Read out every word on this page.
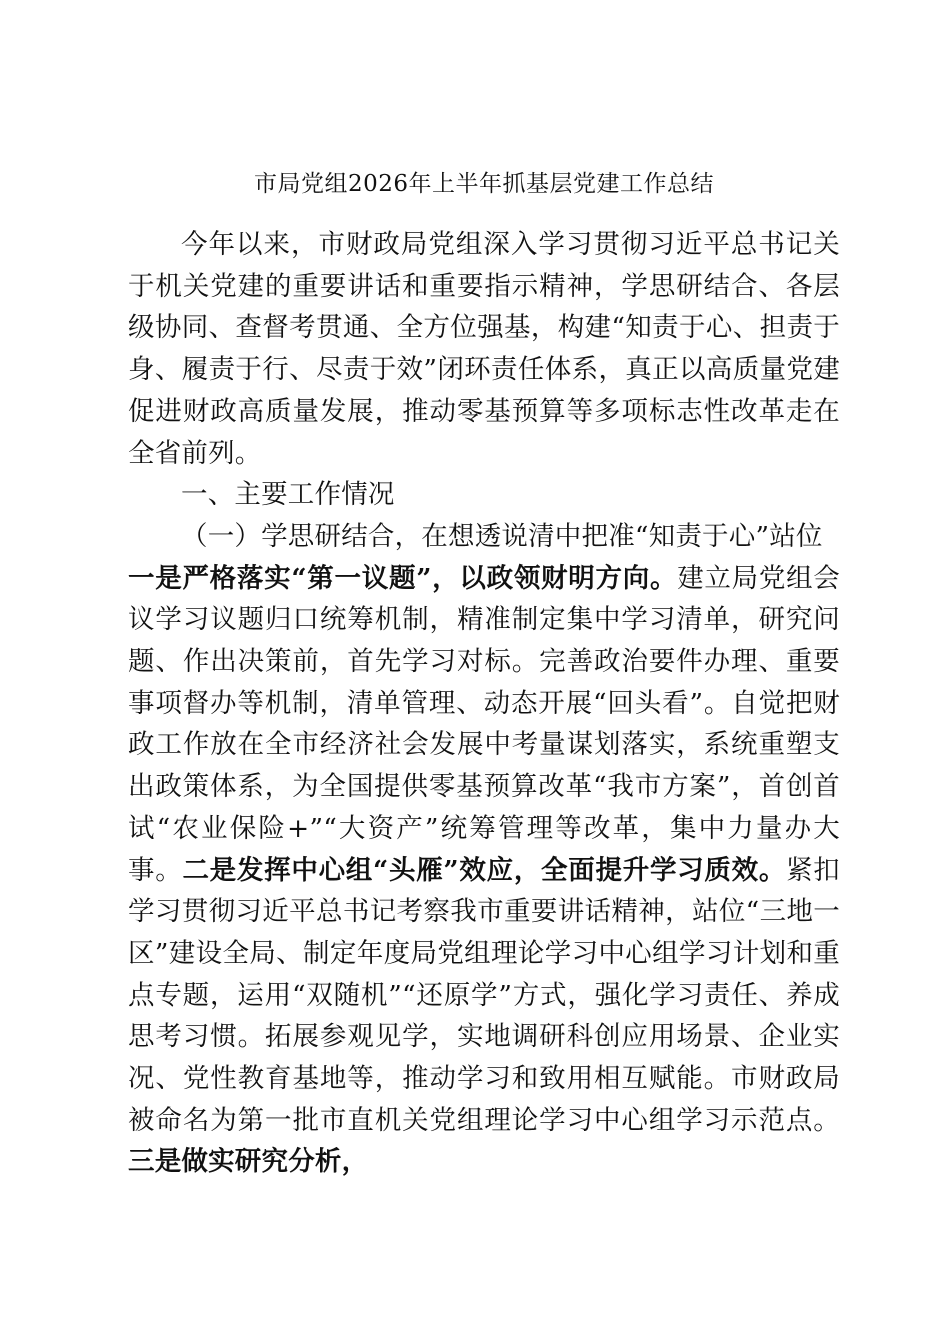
市局党组2026年上半年抓基层党建工作总结

今年以来，市财政局党组深入学习贯彻习近平总书记关于机关党建的重要讲话和重要指示精神，学思研结合、各层级协同、查督考贯通、全方位强基，构建“知责于心、担责于身、履责于行、尽责于效”闭环责任体系，真正以高质量党建促进财政高质量发展，推动零基预算等多项标志性改革走在全省前列。

一、主要工作情况

（一）学思研结合，在想透说清中把准“知责于心”站位

一是严格落实“第一议题”，以政领财明方向。建立局党组会议学习议题归口统筹机制，精准制定集中学习清单，研究问题、作出决策前，首先学习对标。完善政治要件办理、重要事项督办等机制，清单管理、动态开展“回头看”。自觉把财政工作放在全市经济社会发展中考量谋划落实，系统重塑支出政策体系，为全国提供零基预算改革“我市方案”，首创首试“农业保险+”“大资产”统筹管理等改革，集中力量办大事。二是发挥中心组“头雁”效应，全面提升学习质效。紧扣学习贯彻习近平总书记考察我市重要讲话精神，站位“三地一区”建设全局、制定年度局党组理论学习中心组学习计划和重点专题，运用“双随机”“还原学”方式，强化学习责任、养成思考习惯。拓展参观见学，实地调研科创应用场景、企业实况、党性教育基地等，推动学习和致用相互赋能。市财政局被命名为第一批市直机关党组理论学习中心组学习示范点。三是做实研究分析，
